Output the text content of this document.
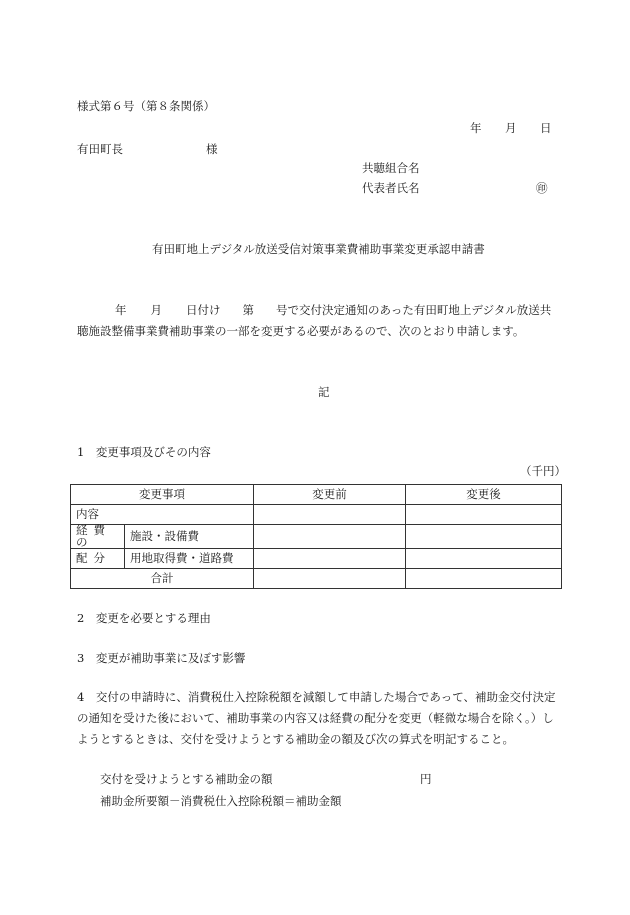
様式第６号（第８条関係）
年 月 日
有田町長	様
共聴組合名
代表者氏名	㊞
有田町地上デジタル放送受信対策事業費補助事業変更承認申請書
年 月 日付け 第 号で交付決定通知のあった有田町地上デジタル放送共
聴施設整備事業費補助事業の一部を変更する必要があるので、次のとおり申請します。
記
1　変更事項及びその内容
（千円）
変更事項		変更前	変更後
内容			
経費の	施設・設備費		
配分	用地取得費・道路費		
合計			
2　変更を必要とする理由
3　変更が補助事業に及ぼす影響
4　交付の申請時に、消費税仕入控除税額を減額して申請した場合であって、補助金交付決定
の通知を受けた後において、補助事業の内容又は経費の配分を変更（軽微な場合を除く。）し
ようとするときは、交付を受けようとする補助金の額及び次の算式を明記すること。
交付を受けようとする補助金の額	円
補助金所要額－消費税仕入控除税額＝補助金額
